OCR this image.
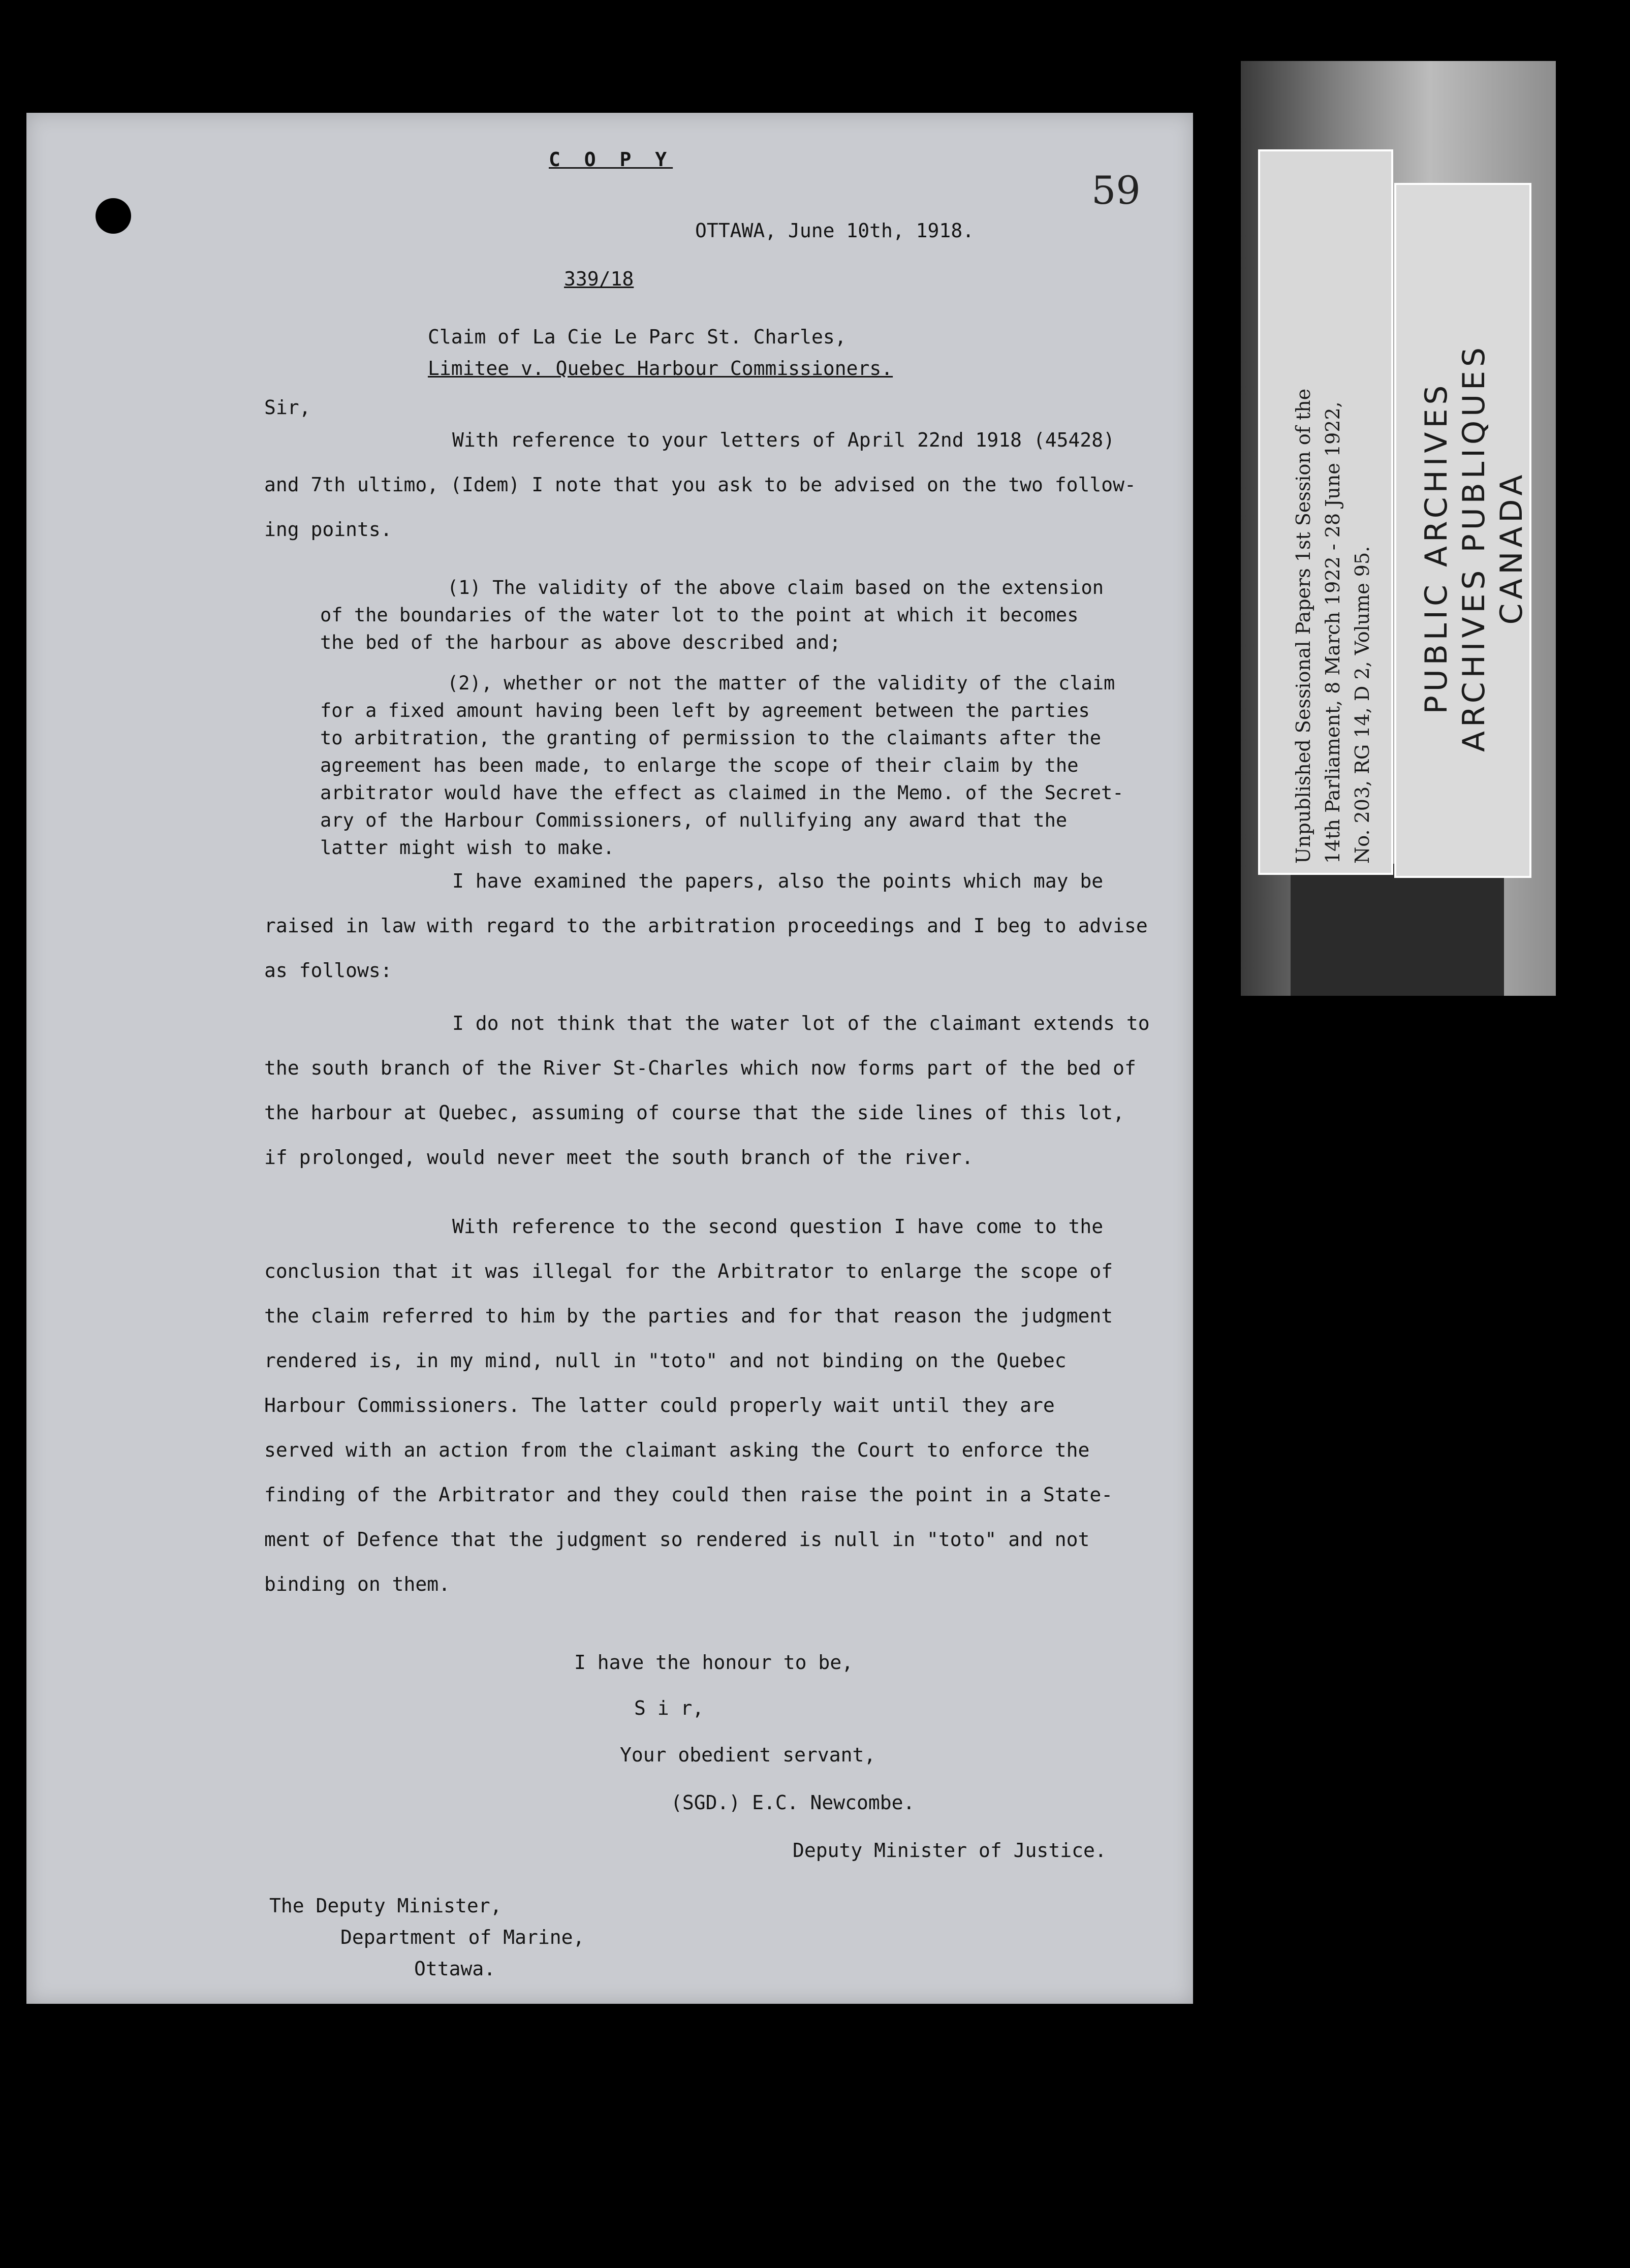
C O P Y
59
OTTAWA, June 10th, 1918.
339/18
Claim of La Cie Le Parc St. Charles,
Limitee v. Quebec Harbour Commissioners.
Sir,

With reference to your letters of April 22nd 1918 (45428)

and 7th ultimo, (Idem) I note that you ask to be advised on the two follow-

ing points.

(1) The validity of the above claim based on the extension

of the boundaries of the water lot to the point at which it becomes

the bed of the harbour as above described and;

(2), whether or not the matter of the validity of the claim

for a fixed amount having been left by agreement between the parties

to arbitration, the granting of permission to the claimants after the

agreement has been made, to enlarge the scope of their claim by the

arbitrator would have the effect as claimed in the Memo. of the Secret-

ary of the Harbour Commissioners, of nullifying any award that the

latter might wish to make.

I have examined the papers, also the points which may be

raised in law with regard to the arbitration proceedings and I beg to advise

as follows:

I do not think that the water lot of the claimant extends to

the south branch of the River St-Charles which now forms part of the bed of

the harbour at Quebec, assuming of course that the side lines of this lot,

if prolonged, would never meet the south branch of the river.

With reference to the second question I have come to the

conclusion that it was illegal for the Arbitrator to enlarge the scope of

the claim referred to him by the parties and for that reason the judgment

rendered is, in my mind, null in "toto" and not binding on the Quebec

Harbour Commissioners. The latter could properly wait until they are

served with an action from the claimant asking the Court to enforce the

finding of the Arbitrator and they could then raise the point in a State-

ment of Defence that the judgment so rendered is null in "toto" and not

binding on them.

I have the honour to be,
S i r,
Your obedient servant,
(SGD.) E.C. Newcombe.
Deputy Minister of Justice.
The Deputy Minister,
Department of Marine,
Ottawa.
Unpublished Sessional Papers 1st Session of the 14th Parliament, 8 March 1922 - 28 June 1922, No. 203, RG 14, D 2, Volume 95. PUBLIC ARCHIVES ARCHIVES PUBLIQUES CANADA
